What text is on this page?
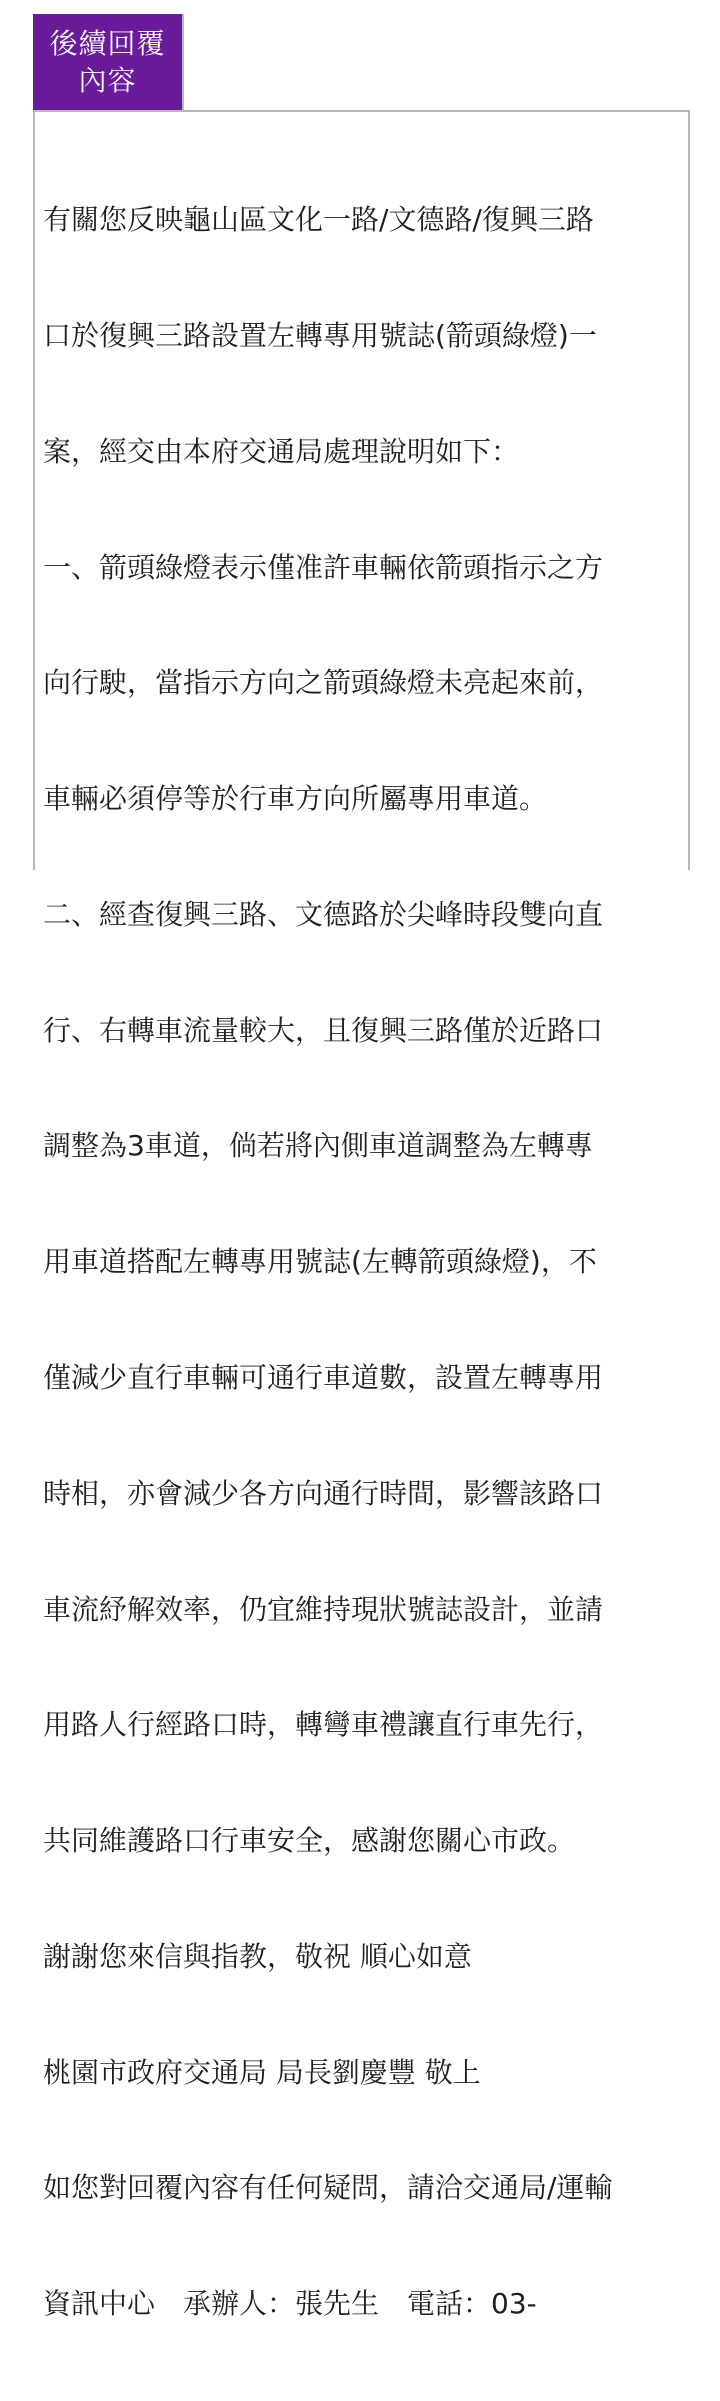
後續回覆
內容

有關您反映龜山區文化一路/文德路/復興三路

口於復興三路設置左轉專用號誌(箭頭綠燈)一

案，經交由本府交通局處理說明如下：

一、箭頭綠燈表示僅准許車輛依箭頭指示之方

向行駛，當指示方向之箭頭綠燈未亮起來前，

車輛必須停等於行車方向所屬專用車道。

二、經查復興三路、文德路於尖峰時段雙向直

行、右轉車流量較大，且復興三路僅於近路口

調整為3車道，倘若將內側車道調整為左轉專

用車道搭配左轉專用號誌(左轉箭頭綠燈)，不

僅減少直行車輛可通行車道數，設置左轉專用

時相，亦會減少各方向通行時間，影響該路口

車流紓解效率，仍宜維持現狀號誌設計，並請

用路人行經路口時，轉彎車禮讓直行車先行，

共同維護路口行車安全，感謝您關心市政。

謝謝您來信與指教，敬祝 順心如意

桃園市政府交通局 局長劉慶豐 敬上

如您對回覆內容有任何疑問，請洽交通局/運輸

資訊中心　承辦人：張先生　電話：03-
